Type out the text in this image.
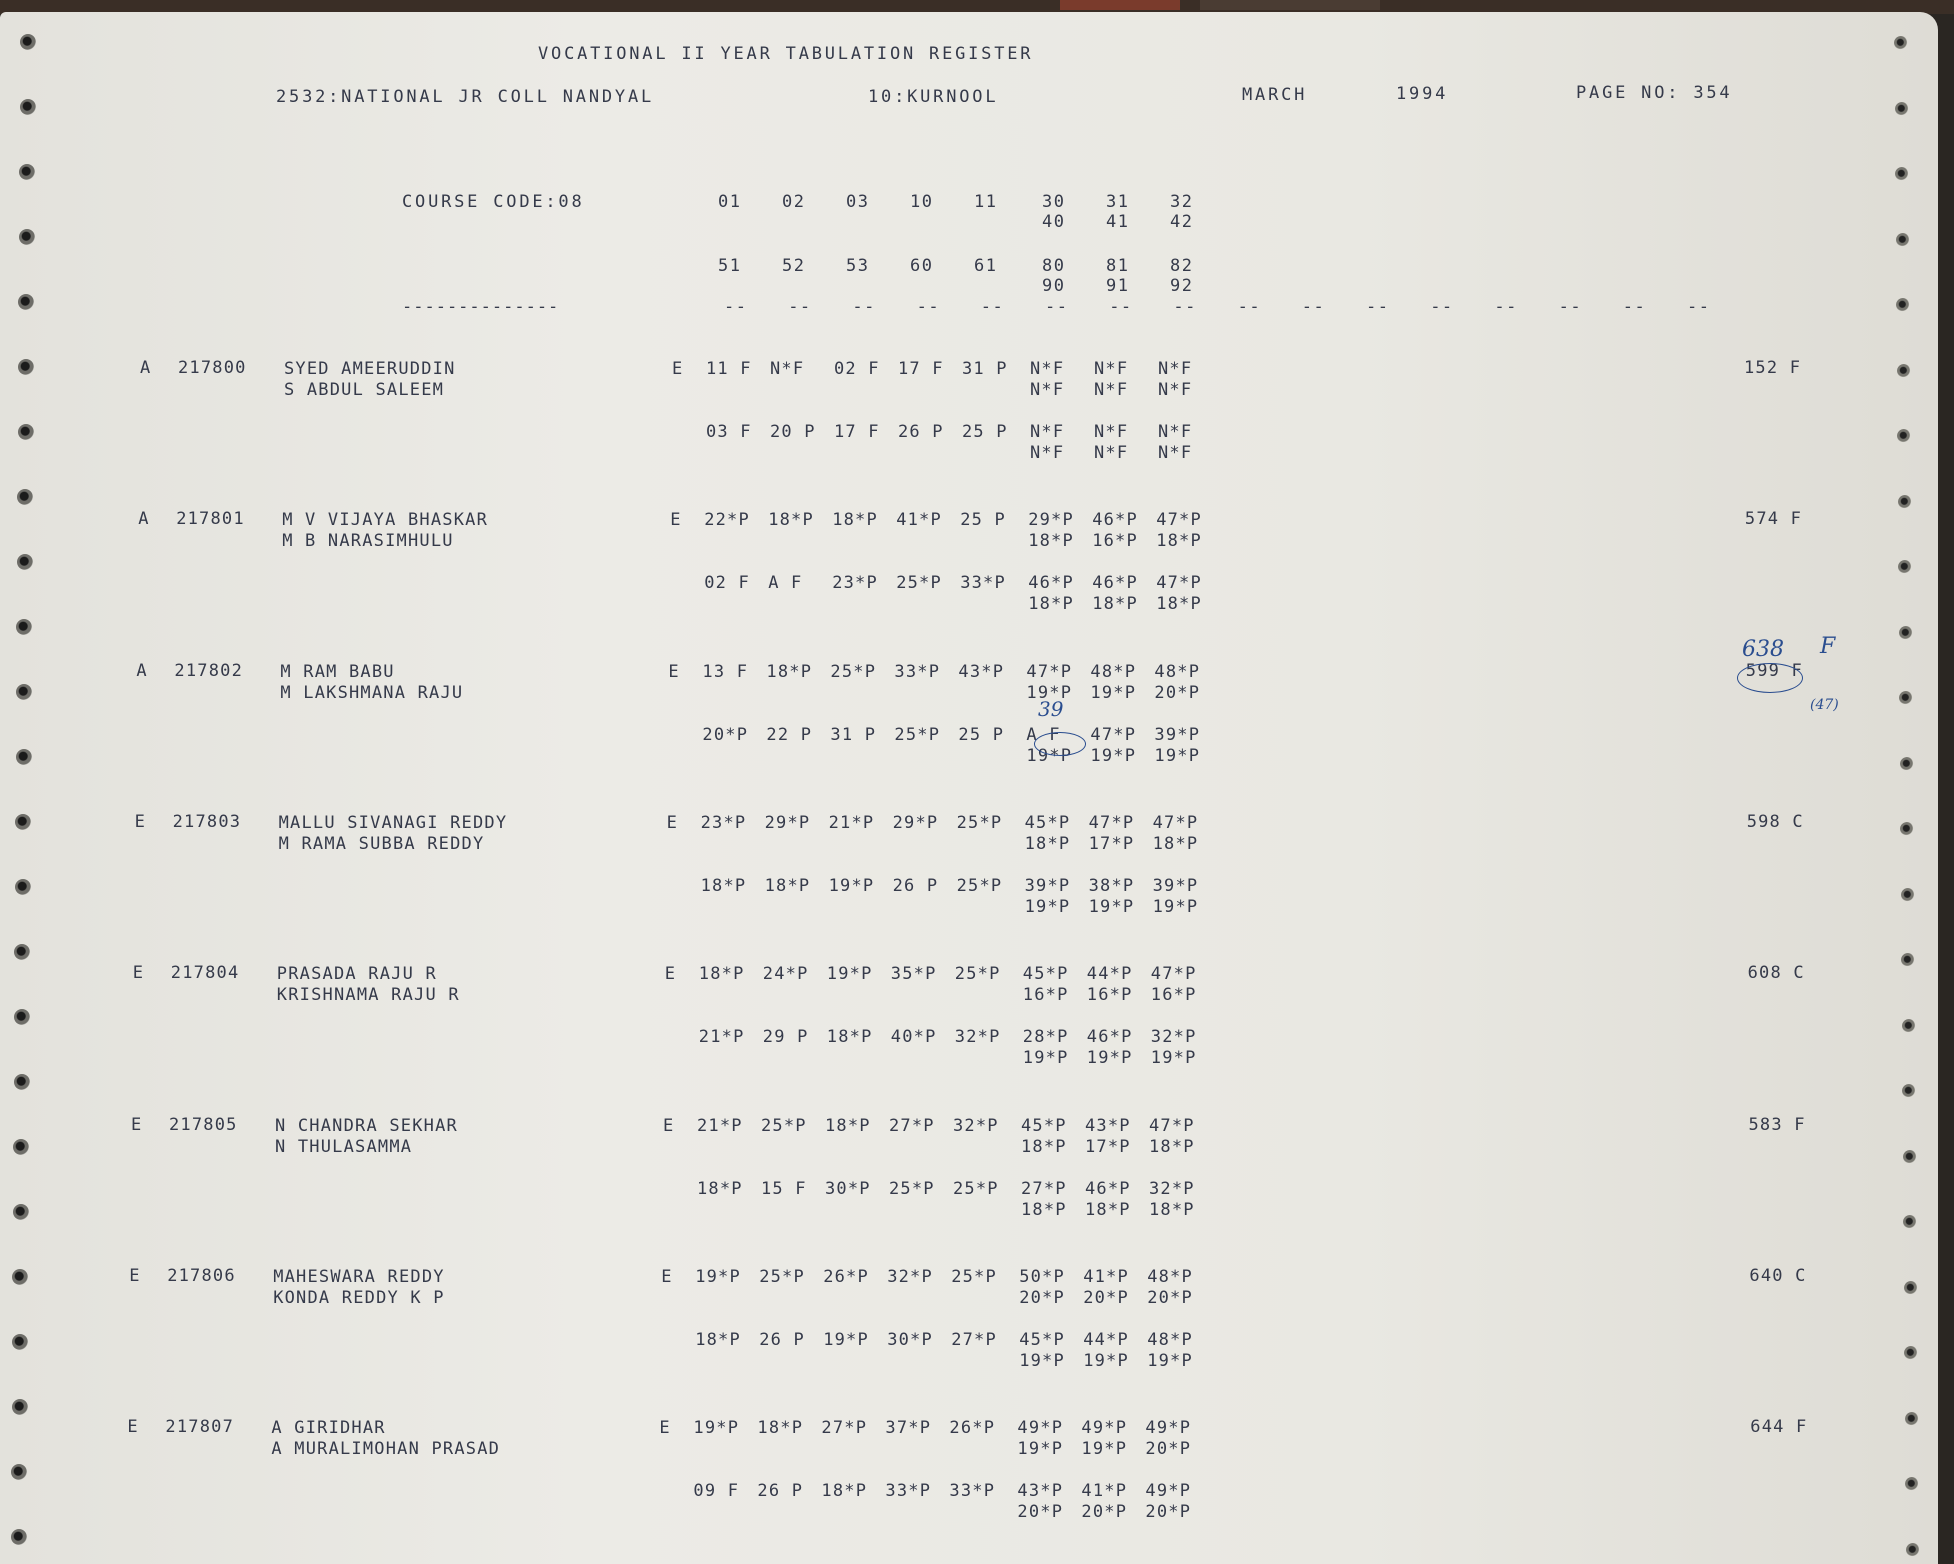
VOCATIONAL II YEAR TABULATION REGISTER
2532:NATIONAL JR COLL NANDYAL	10:KURNOOL	MARCH	1994	PAGE NO: 354
COURSE CODE:08	01 02 03 10 11	30 31 32
40 41 42
51 52 53 60 61	80 81 82
90 91 92
-- -- -- -- -- -- -- -- -- -- -- -- -- -- -- --
--------------
A 217800 SYED AMEERUDDIN
S ABDUL SALEEM
E 11 F N*F 02 F 17 F 31 P N*F N*F N*F
N*F N*F N*F
03 F 20 P 17 F 26 P 25 P N*F N*F N*F
N*F N*F N*F
152 F
A 217801 M V VIJAYA BHASKAR
M B NARASIMHULU
E 22*P 18*P 18*P 41*P 25 P 29*P 46*P 47*P
18*P 16*P 18*P
02 F A F 23*P 25*P 33*P 46*P 46*P 47*P
18*P 18*P 18*P
574 F
A 217802 M RAM BABU
M LAKSHMANA RAJU
E 13 F 18*P 25*P 33*P 43*P 47*P 48*P 48*P
19*P 19*P 20*P
20*P 22 P 31 P 25*P 25 P A F 47*P 39*P
19*P 19*P 19*P
599 F
E 217803 MALLU SIVANAGI REDDY
M RAMA SUBBA REDDY
E 23*P 29*P 21*P 29*P 25*P 45*P 47*P 47*P
18*P 17*P 18*P
18*P 18*P 19*P 26 P 25*P 39*P 38*P 39*P
19*P 19*P 19*P
598 C
E 217804 PRASADA RAJU R
KRISHNAMA RAJU R
E 18*P 24*P 19*P 35*P 25*P 45*P 44*P 47*P
16*P 16*P 16*P
21*P 29 P 18*P 40*P 32*P 28*P 46*P 32*P
19*P 19*P 19*P
608 C
E 217805 N CHANDRA SEKHAR
N THULASAMMA
E 21*P 25*P 18*P 27*P 32*P 45*P 43*P 47*P
18*P 17*P 18*P
18*P 15 F 30*P 25*P 25*P 27*P 46*P 32*P
18*P 18*P 18*P
583 F
E 217806 MAHESWARA REDDY
KONDA REDDY K P
E 19*P 25*P 26*P 32*P 25*P 50*P 41*P 48*P
20*P 20*P 20*P
18*P 26 P 19*P 30*P 27*P 45*P 44*P 48*P
19*P 19*P 19*P
640 C
E 217807 A GIRIDHAR
A MURALIMOHAN PRASAD
E 19*P 18*P 27*P 37*P 26*P 49*P 49*P 49*P
19*P 19*P 20*P
09 F 26 P 18*P 33*P 33*P 43*P 41*P 49*P
20*P 20*P 20*P
644 F
638 F
(47)
39
